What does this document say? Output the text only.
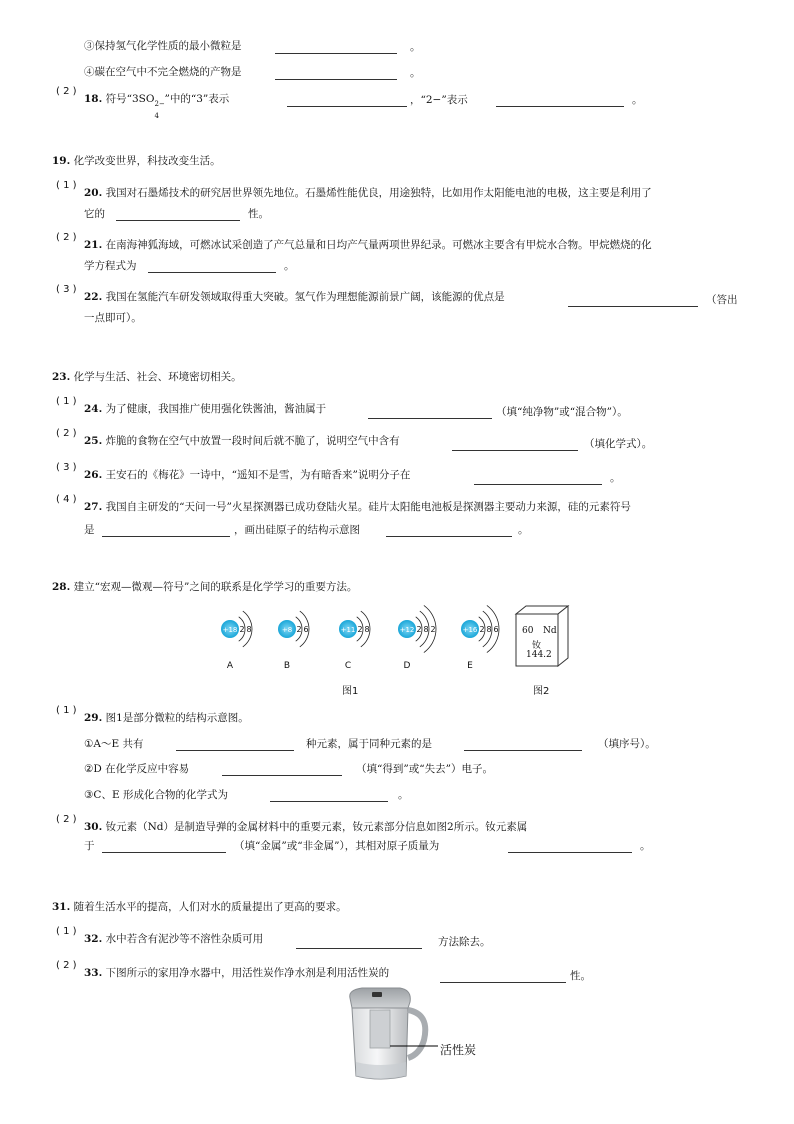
③保持氢气化学性质的最小微粒是	。
④碳在空气中不完全燃烧的产物是	。
( 2 )
18. 符号“3SO 2−
4
”中的“3”表示	，“2−”表示	。
19. 化学改变世界，科技改变生活。
( 1 )
20. 我国对石墨烯技术的研究居世界领先地位。石墨烯性能优良，用途独特，比如用作太阳能电池的电极，这主要是利用了
它的	性。
( 2 )
21. 在南海神狐海域，可燃冰试采创造了产气总量和日均产气量两项世界纪录。可燃冰主要含有甲烷水合物。甲烷燃烧的化
学方程式为	。
( 3 )
22. 我国在氢能汽车研发领域取得重大突破。氢气作为理想能源前景广阔，该能源的优点是	（答出
一点即可）。
23. 化学与生活、社会、环境密切相关。
( 1 )
24. 为了健康，我国推广使用强化铁酱油，酱油属于	（填“纯净物”或“混合物”）。
( 2 )
25. 炸脆的食物在空气中放置一段时间后就不脆了，说明空气中含有	（填化学式）。
( 3 )
26. 王安石的《梅花》一诗中，“遥知不是雪，为有暗香来”说明分子在	。
( 4 )
27. 我国自主研发的“天问一号”火星探测器已成功登陆火星。硅片太阳能电池板是探测器主要动力来源，硅的元素符号
是	，画出硅原子的结构示意图	。
28. 建立“宏观—微观—符号”之间的联系是化学学习的重要方法。
+18 2 8
A
+8 2 6
B
+11 2 8
C
+12 2 8 2
D
+16 2 8 6
E
图1
60 Nd
钕
144.2
图2
( 1 )
29. 图1是部分微粒的结构示意图。
①A～E 共有	种元素，属于同种元素的是	（填序号）。
②D 在化学反应中容易	（填“得到”或“失去”）电子。
③C、E 形成化合物的化学式为	。
( 2 )
30. 钕元素（Nd）是制造导弹的金属材料中的重要元素，钕元素部分信息如图2所示。钕元素属
于	（填“金属”或“非金属”），其相对原子质量为	。
31. 随着生活水平的提高，人们对水的质量提出了更高的要求。
( 1 )
32. 水中若含有泥沙等不溶性杂质可用	方法除去。
( 2 )
33. 下图所示的家用净水器中，用活性炭作净水剂是利用活性炭的	性。
活性炭
